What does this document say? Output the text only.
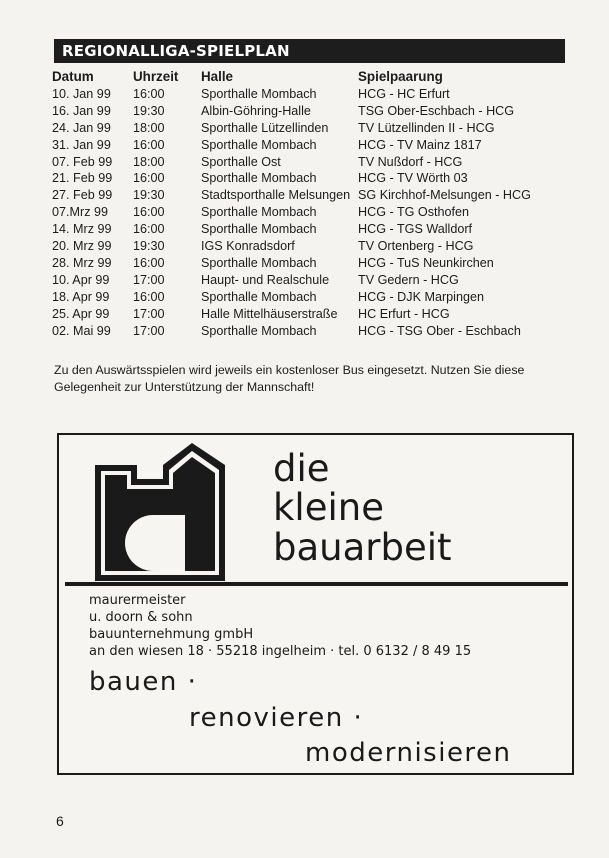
REGIONALLIGA-SPIELPLAN
Datum	Uhrzeit	Halle	Spielpaarung
10. Jan 99	16:00	Sporthalle Mombach	HCG - HC Erfurt
16. Jan 99	19:30	Albin-Göhring-Halle	TSG Ober-Eschbach - HCG
24. Jan 99	18:00	Sporthalle Lützellinden	TV Lützellinden II - HCG
31. Jan 99	16:00	Sporthalle Mombach	HCG - TV Mainz 1817
07. Feb 99	18:00	Sporthalle Ost	TV Nußdorf - HCG
21. Feb 99	16:00	Sporthalle Mombach	HCG - TV Wörth 03
27. Feb 99	19:30	Stadtsporthalle Melsungen	SG Kirchhof-Melsungen - HCG
07.Mrz 99	16:00	Sporthalle Mombach	HCG - TG Osthofen
14. Mrz 99	16:00	Sporthalle Mombach	HCG - TGS Walldorf
20. Mrz 99	19:30	IGS Konradsdorf	TV Ortenberg - HCG
28. Mrz 99	16:00	Sporthalle Mombach	HCG - TuS Neunkirchen
10. Apr 99	17:00	Haupt- und Realschule	TV Gedern - HCG
18. Apr 99	16:00	Sporthalle Mombach	HCG - DJK Marpingen
25. Apr 99	17:00	Halle Mittelhäuserstraße	HC Erfurt - HCG
02. Mai 99	17:00	Sporthalle Mombach	HCG - TSG Ober - Eschbach
Zu den Auswärtsspielen wird jeweils ein kostenloser Bus eingesetzt. Nutzen Sie diese Gelegenheit zur Unterstützung der Mannschaft!
die
kleine
bauarbeit
maurermeister
u. doorn & sohn
bauunternehmung gmbH
an den wiesen 18 · 55218 ingelheim · tel. 0 6132 / 8 49 15
bauen ·
renovieren ·
modernisieren
6
